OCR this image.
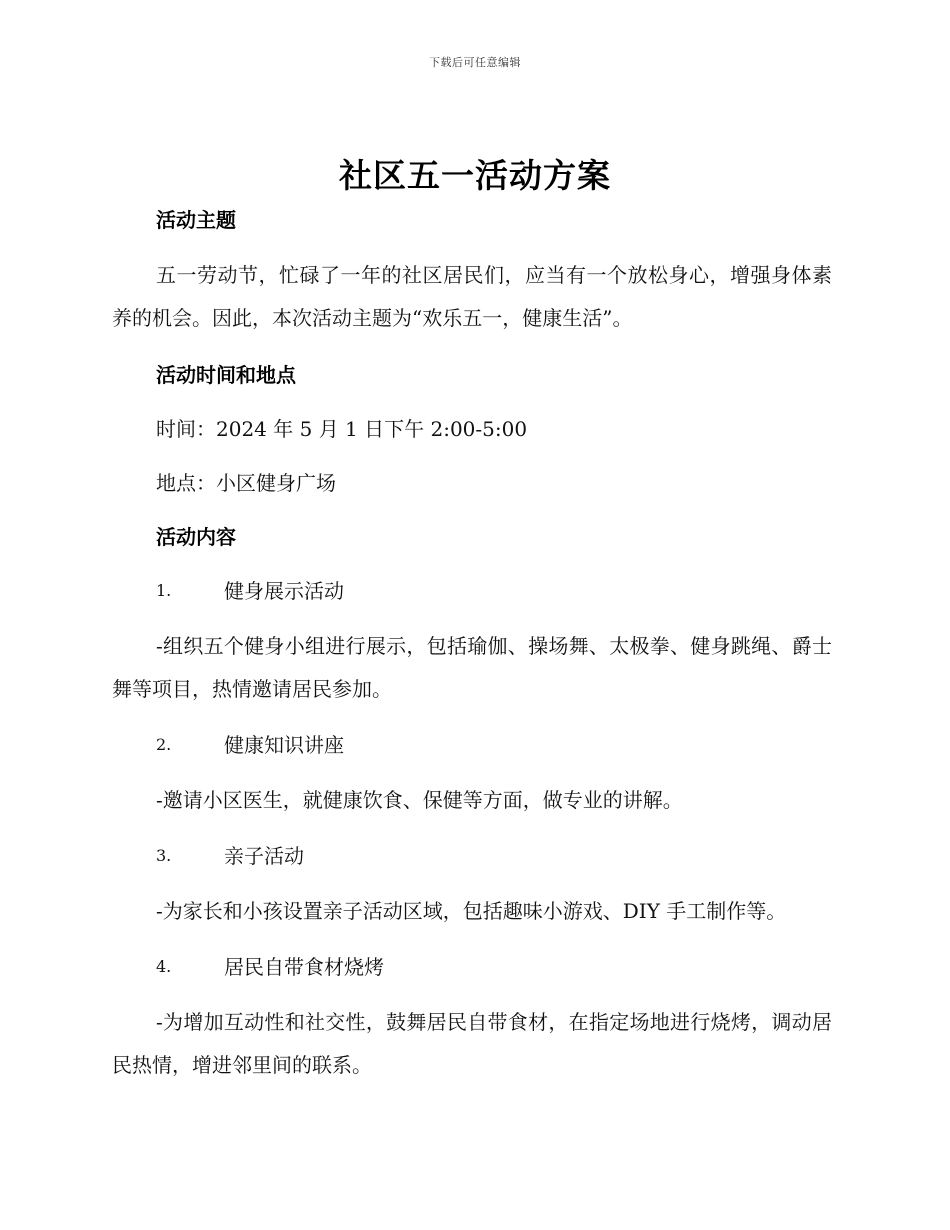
下载后可任意编辑
社区五一活动方案

活动主题

五一劳动节，忙碌了一年的社区居民们，应当有一个放松身心，增强身体素养的机会。因此，本次活动主题为“欢乐五一，健康生活”。

活动时间和地点

时间：2024 年 5 月 1 日下午 2:00-5:00

地点：小区健身广场

活动内容

1.	健身展示活动

-组织五个健身小组进行展示，包括瑜伽、操场舞、太极拳、健身跳绳、爵士舞等项目，热情邀请居民参加。

2.	健康知识讲座

-邀请小区医生，就健康饮食、保健等方面，做专业的讲解。

3.	亲子活动

-为家长和小孩设置亲子活动区域，包括趣味小游戏、DIY 手工制作等。

4.	居民自带食材烧烤

-为增加互动性和社交性，鼓舞居民自带食材，在指定场地进行烧烤，调动居民热情，增进邻里间的联系。
